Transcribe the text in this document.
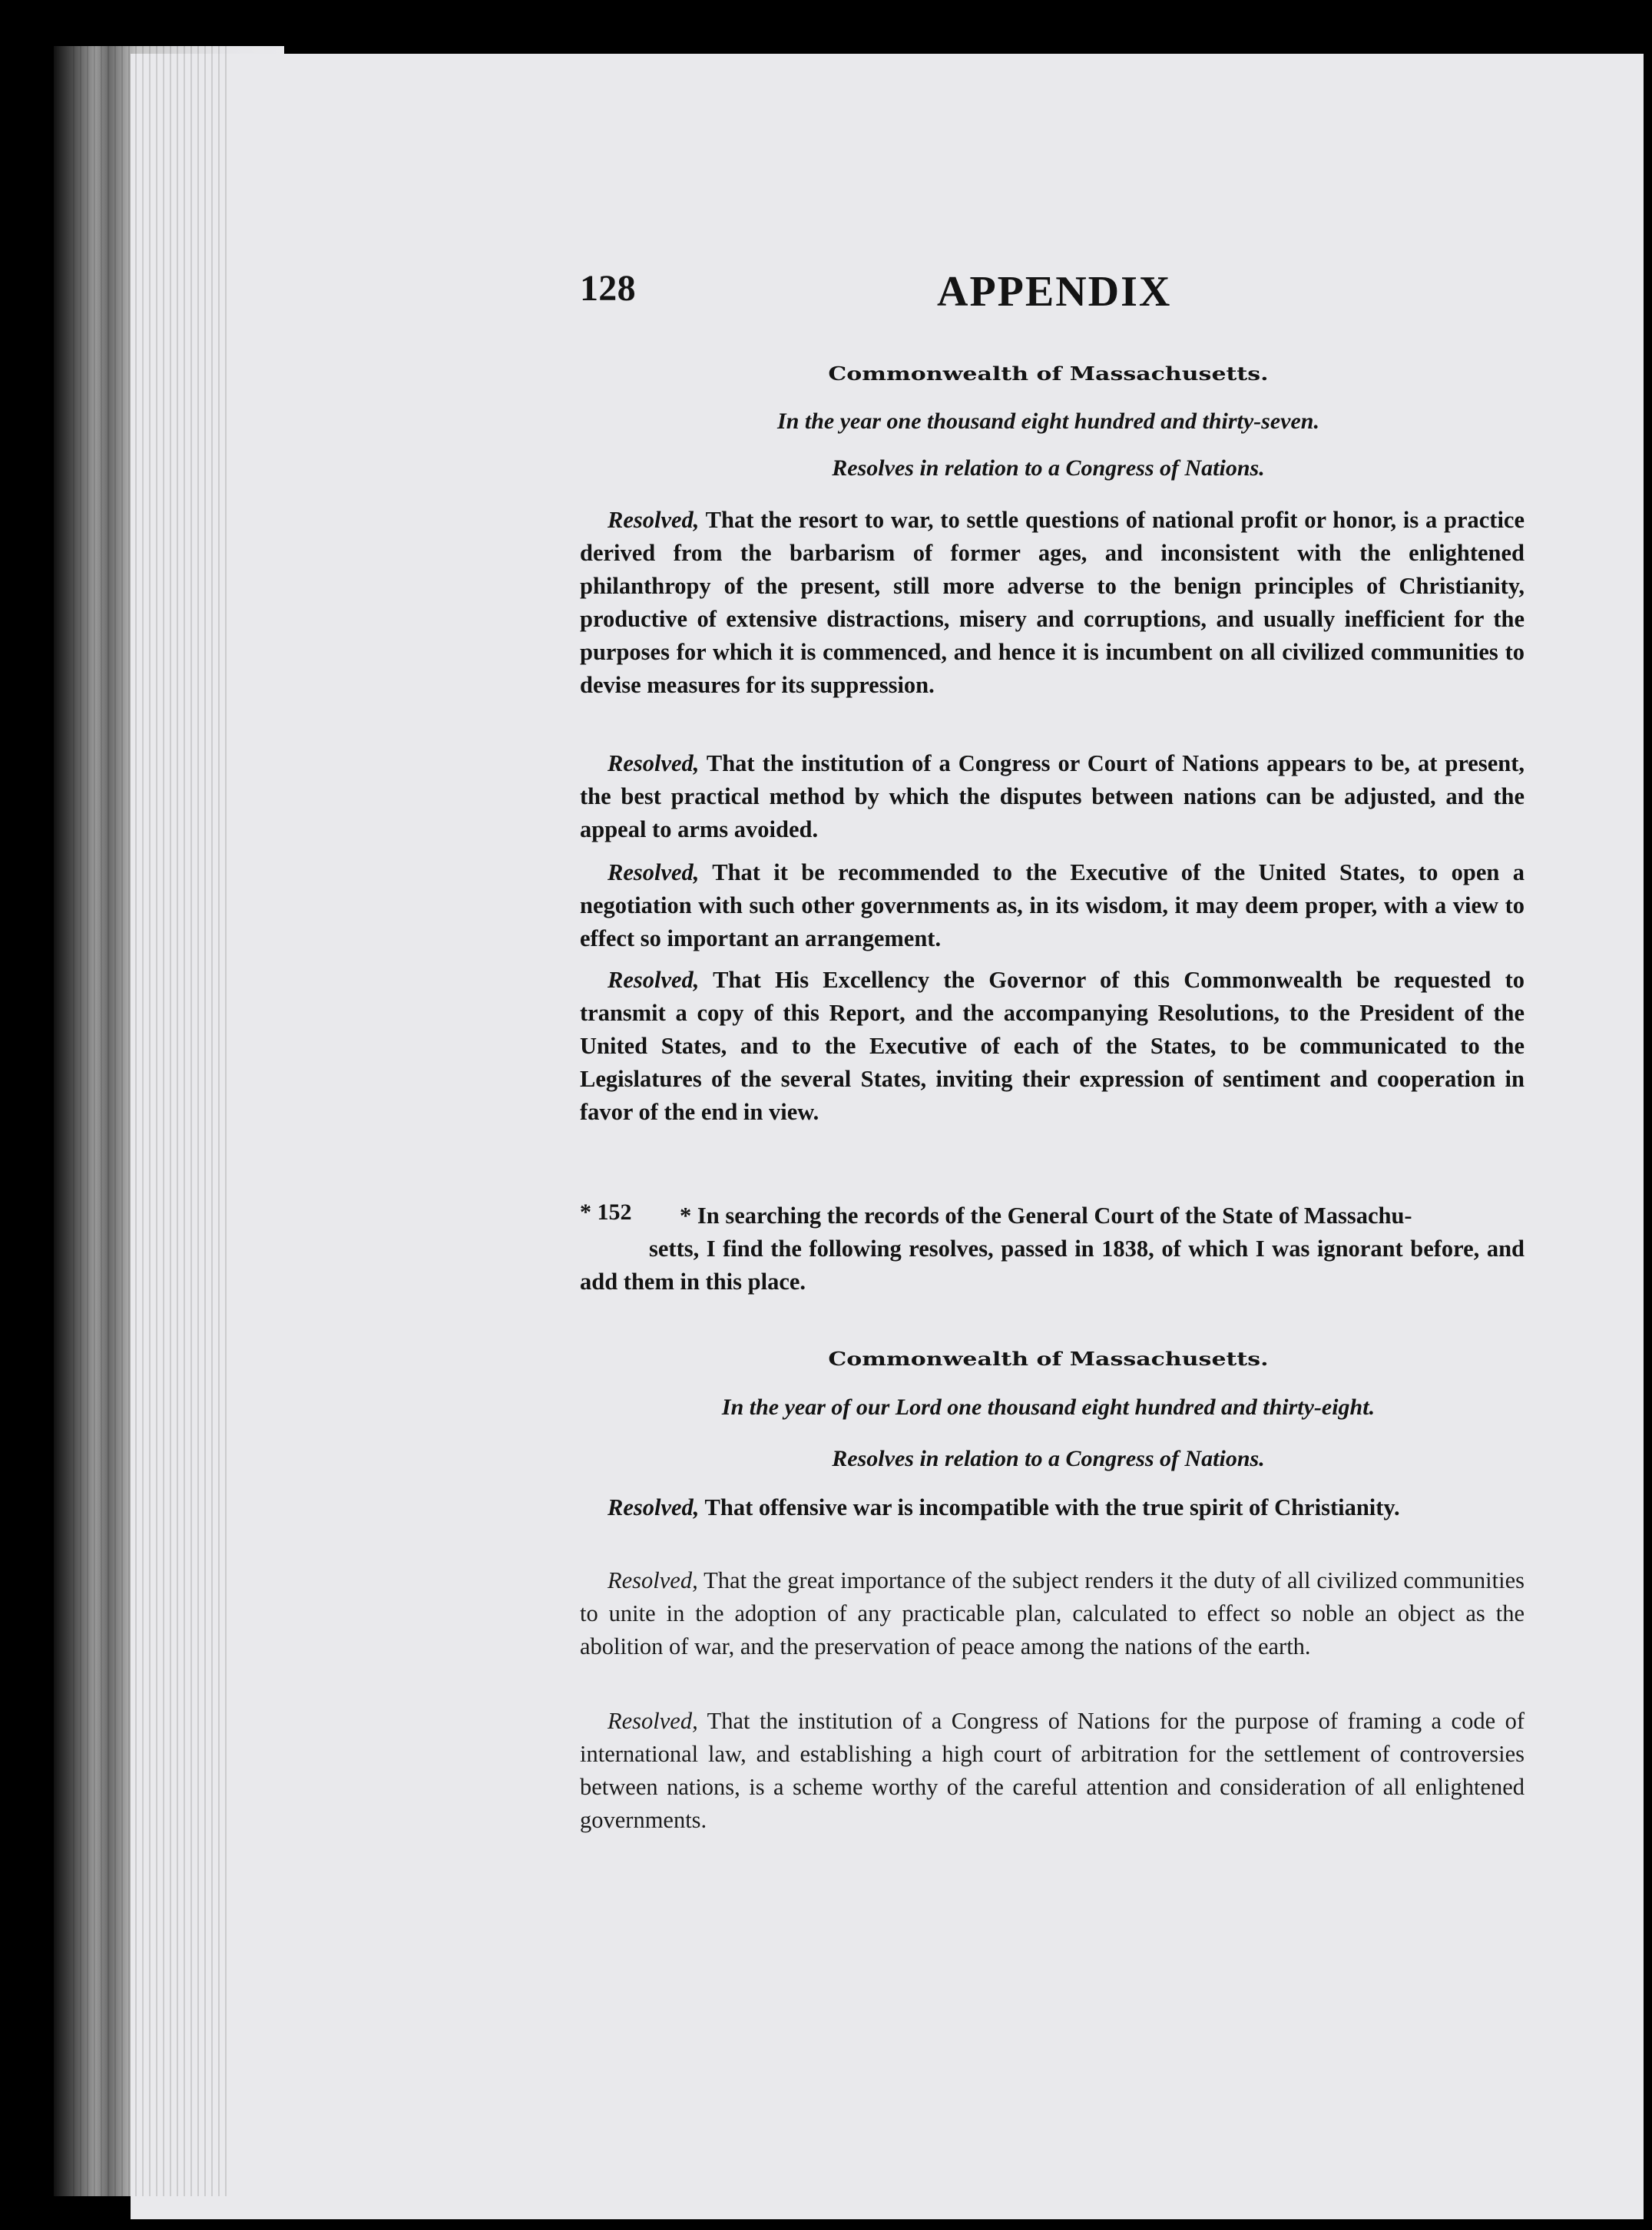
128	APPENDIX
Commonwealth of Massachusetts.
In the year one thousand eight hundred and thirty-seven.
Resolves in relation to a Congress of Nations.
Resolved, That the resort to war, to settle questions of national profit or honor, is a practice derived from the barbarism of former ages, and inconsistent with the enlightened philanthropy of the present, still more adverse to the benign principles of Christianity, productive of extensive distractions, misery and corruptions, and usually inefficient for the purposes for which it is commenced, and hence it is incumbent on all civilized communities to devise measures for its suppression.
Resolved, That the institution of a Congress or Court of Nations appears to be, at present, the best practical method by which the disputes between nations can be adjusted, and the appeal to arms avoided.
Resolved, That it be recommended to the Executive of the United States, to open a negotiation with such other governments as, in its wisdom, it may deem proper, with a view to effect so important an arrangement.
Resolved, That His Excellency the Governor of this Commonwealth be requested to transmit a copy of this Report, and the accompanying Resolutions, to the President of the United States, and to the Executive of each of the States, to be communicated to the Legislatures of the several States, inviting their expression of sentiment and cooperation in favor of the end in view.
* 152	* In searching the records of the General Court of the State of Massachu-
setts, I find the following resolves, passed in 1838, of which I was ignorant before, and add them in this place.
Commonwealth of Massachusetts.
In the year of our Lord one thousand eight hundred and thirty-eight.
Resolves in relation to a Congress of Nations.
Resolved, That offensive war is incompatible with the true spirit of Christianity.
Resolved, That the great importance of the subject renders it the duty of all civilized communities to unite in the adoption of any practicable plan, calculated to effect so noble an object as the abolition of war, and the preservation of peace among the nations of the earth.
Resolved, That the institution of a Congress of Nations for the purpose of framing a code of international law, and establishing a high court of arbitration for the settlement of controversies between nations, is a scheme worthy of the careful attention and consideration of all enlightened governments.
